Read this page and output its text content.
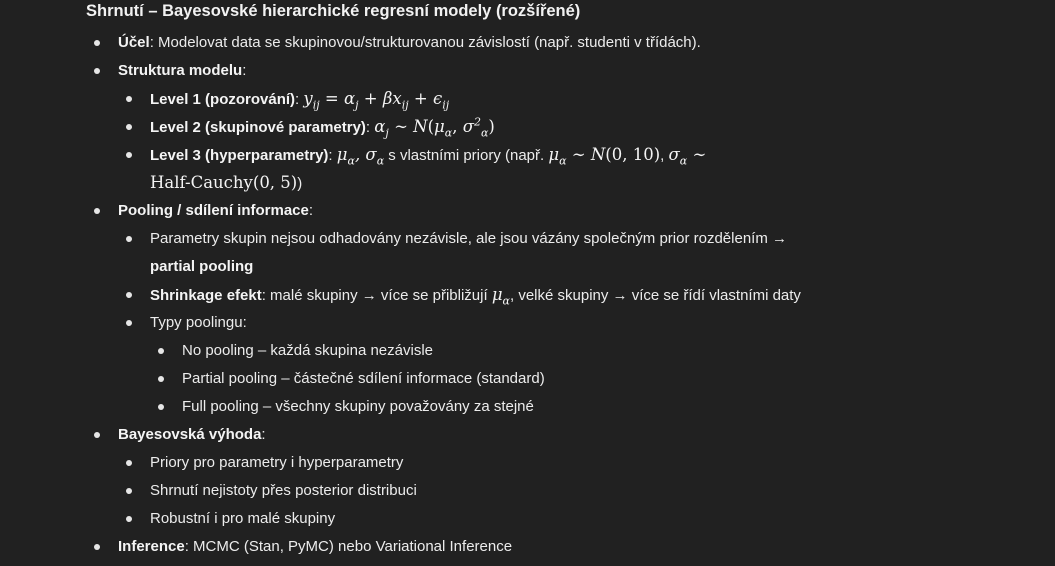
Shrnutí – Bayesovské hierarchické regresní modely (rozšířené)
Účel: Modelovat data se skupinovou/strukturovanou závislostí (např. studenti v třídách).
Struktura modelu:
Level 1 (pozorování): $y_{ij} = \alpha_j + \beta x_{ij} + \epsilon_{ij}$
Level 2 (skupinové parametry): $\alpha_j$ ∼ $N(\mu_\alpha$, $\sigma^2_\alpha$)
Level 3 (hyperparametry): $\mu_\alpha$, $\sigma_\alpha$ s vlastními priory (např. $\mu_\alpha$ ∼ N(0, 10), $\sigma_\alpha$ ∼
Half-Cauchy(0, 5))
Pooling / sdílení informace:
Parametry skupin nejsou odhadovány nezávisle, ale jsou vázány společným prior rozdělením →
partial pooling
Shrinkage efekt: malé skupiny → více se přibližují $\mu_\alpha$, velké skupiny → více se řídí vlastními daty
Typy poolingu:
No pooling – každá skupina nezávisle
Partial pooling – částečné sdílení informace (standard)
Full pooling – všechny skupiny považovány za stejné
Bayesovská výhoda:
Priory pro parametry i hyperparametry
Shrnutí nejistoty přes posterior distribuci
Robustní i pro malé skupiny
Inference: MCMC (Stan, PyMC) nebo Variational Inference
